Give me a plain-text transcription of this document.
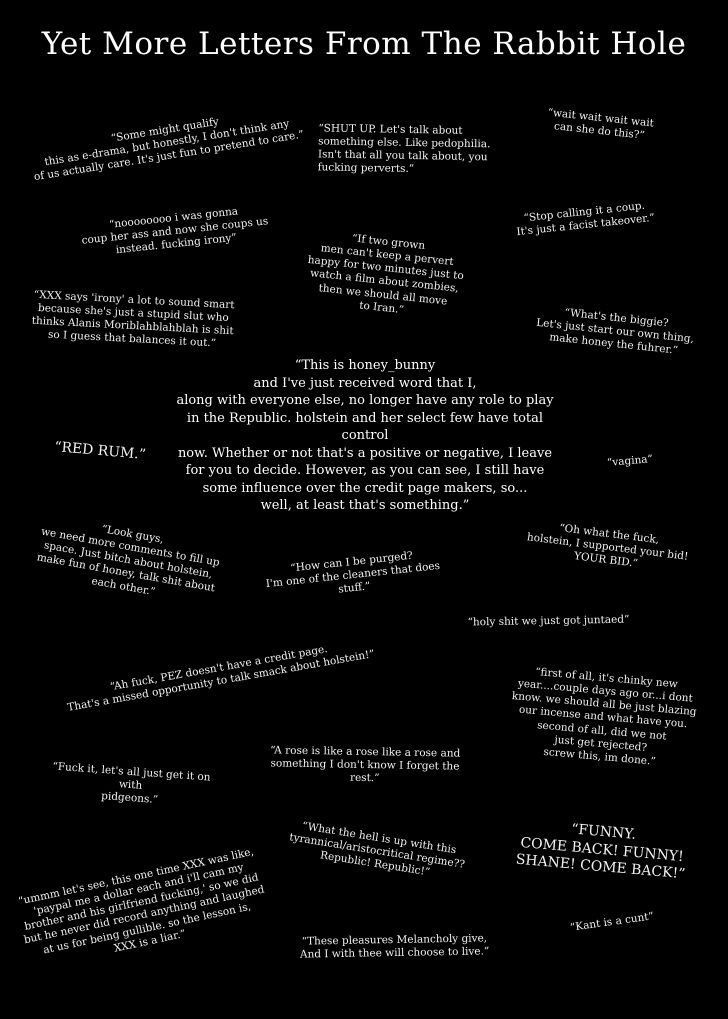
Yet More Letters From The Rabbit Hole
“Some might qualify
this as e-drama, but honestly, I don't think any
of us actually care. It's just fun to pretend to care.”	“SHUT UP. Let's talk about
something else. Like pedophilia.
Isn't that all you talk about, you
fucking perverts.”
“wait wait wait wait
can she do this?”
“noooooooo i was gonna
coup her ass and now she coups us
instead. fucking irony”	“If two grown
men can't keep a pervert
happy for two minutes just to
watch a film about zombies,
then we should all move
to Iran.”
“Stop calling it a coup.
It's just a facist takeover.”
“XXX says 'irony' a lot to sound smart
because she's just a stupid slut who
thinks Alanis Moriblahblahblah is shit
so I guess that balances it out.”
“What's the biggie?
Let's just start our own thing,
make honey the fuhrer.”
“This is honey_bunny
and I've just received word that I,
along with everyone else, no longer have any role to play
in the Republic. holstein and her select few have total control
now. Whether or not that's a positive or negative, I leave
for you to decide. However, as you can see, I still have
some influence over the credit page makers, so...
well, at least that's something.”
“RED RUM.”	“vagina”
“Look guys,
we need more comments to fill up
space. Just bitch about holstein,
make fun of honey, talk shit about
each other.”
“How can I be purged?
I'm one of the cleaners that does stuff.”
“Oh what the fuck,
holstein, I supported your bid!
YOUR BID.”
“holy shit we just got juntaed”
“Ah fuck, PEZ doesn't have a credit page.
That's a missed opportunity to talk smack about holstein!”	“first of all, it's chinky new
year....couple days ago or...i dont
know. we should all be just blazing
our incense and what have you.
second of all, did we not
just get rejected?
screw this, im done.”
“Fuck it, let's all just get it on with
pidgeons.”
“A rose is like a rose like a rose and
something I don't know I forget the
rest.”
“What the hell is up with this
tyrannical/aristocritical regime??
Republic! Republic!”
“FUNNY.
COME BACK! FUNNY!
SHANE! COME BACK!”
“ummm let's see, this one time XXX was like,
'paypal me a dollar each and i'll cam my
brother and his girlfriend fucking,' so we did
but he never did record anything and laughed
at us for being gullible. so the lesson is,
XXX is a liar.”
“Kant is a cunt”
“These pleasures Melancholy give,
And I with thee will choose to live.”
